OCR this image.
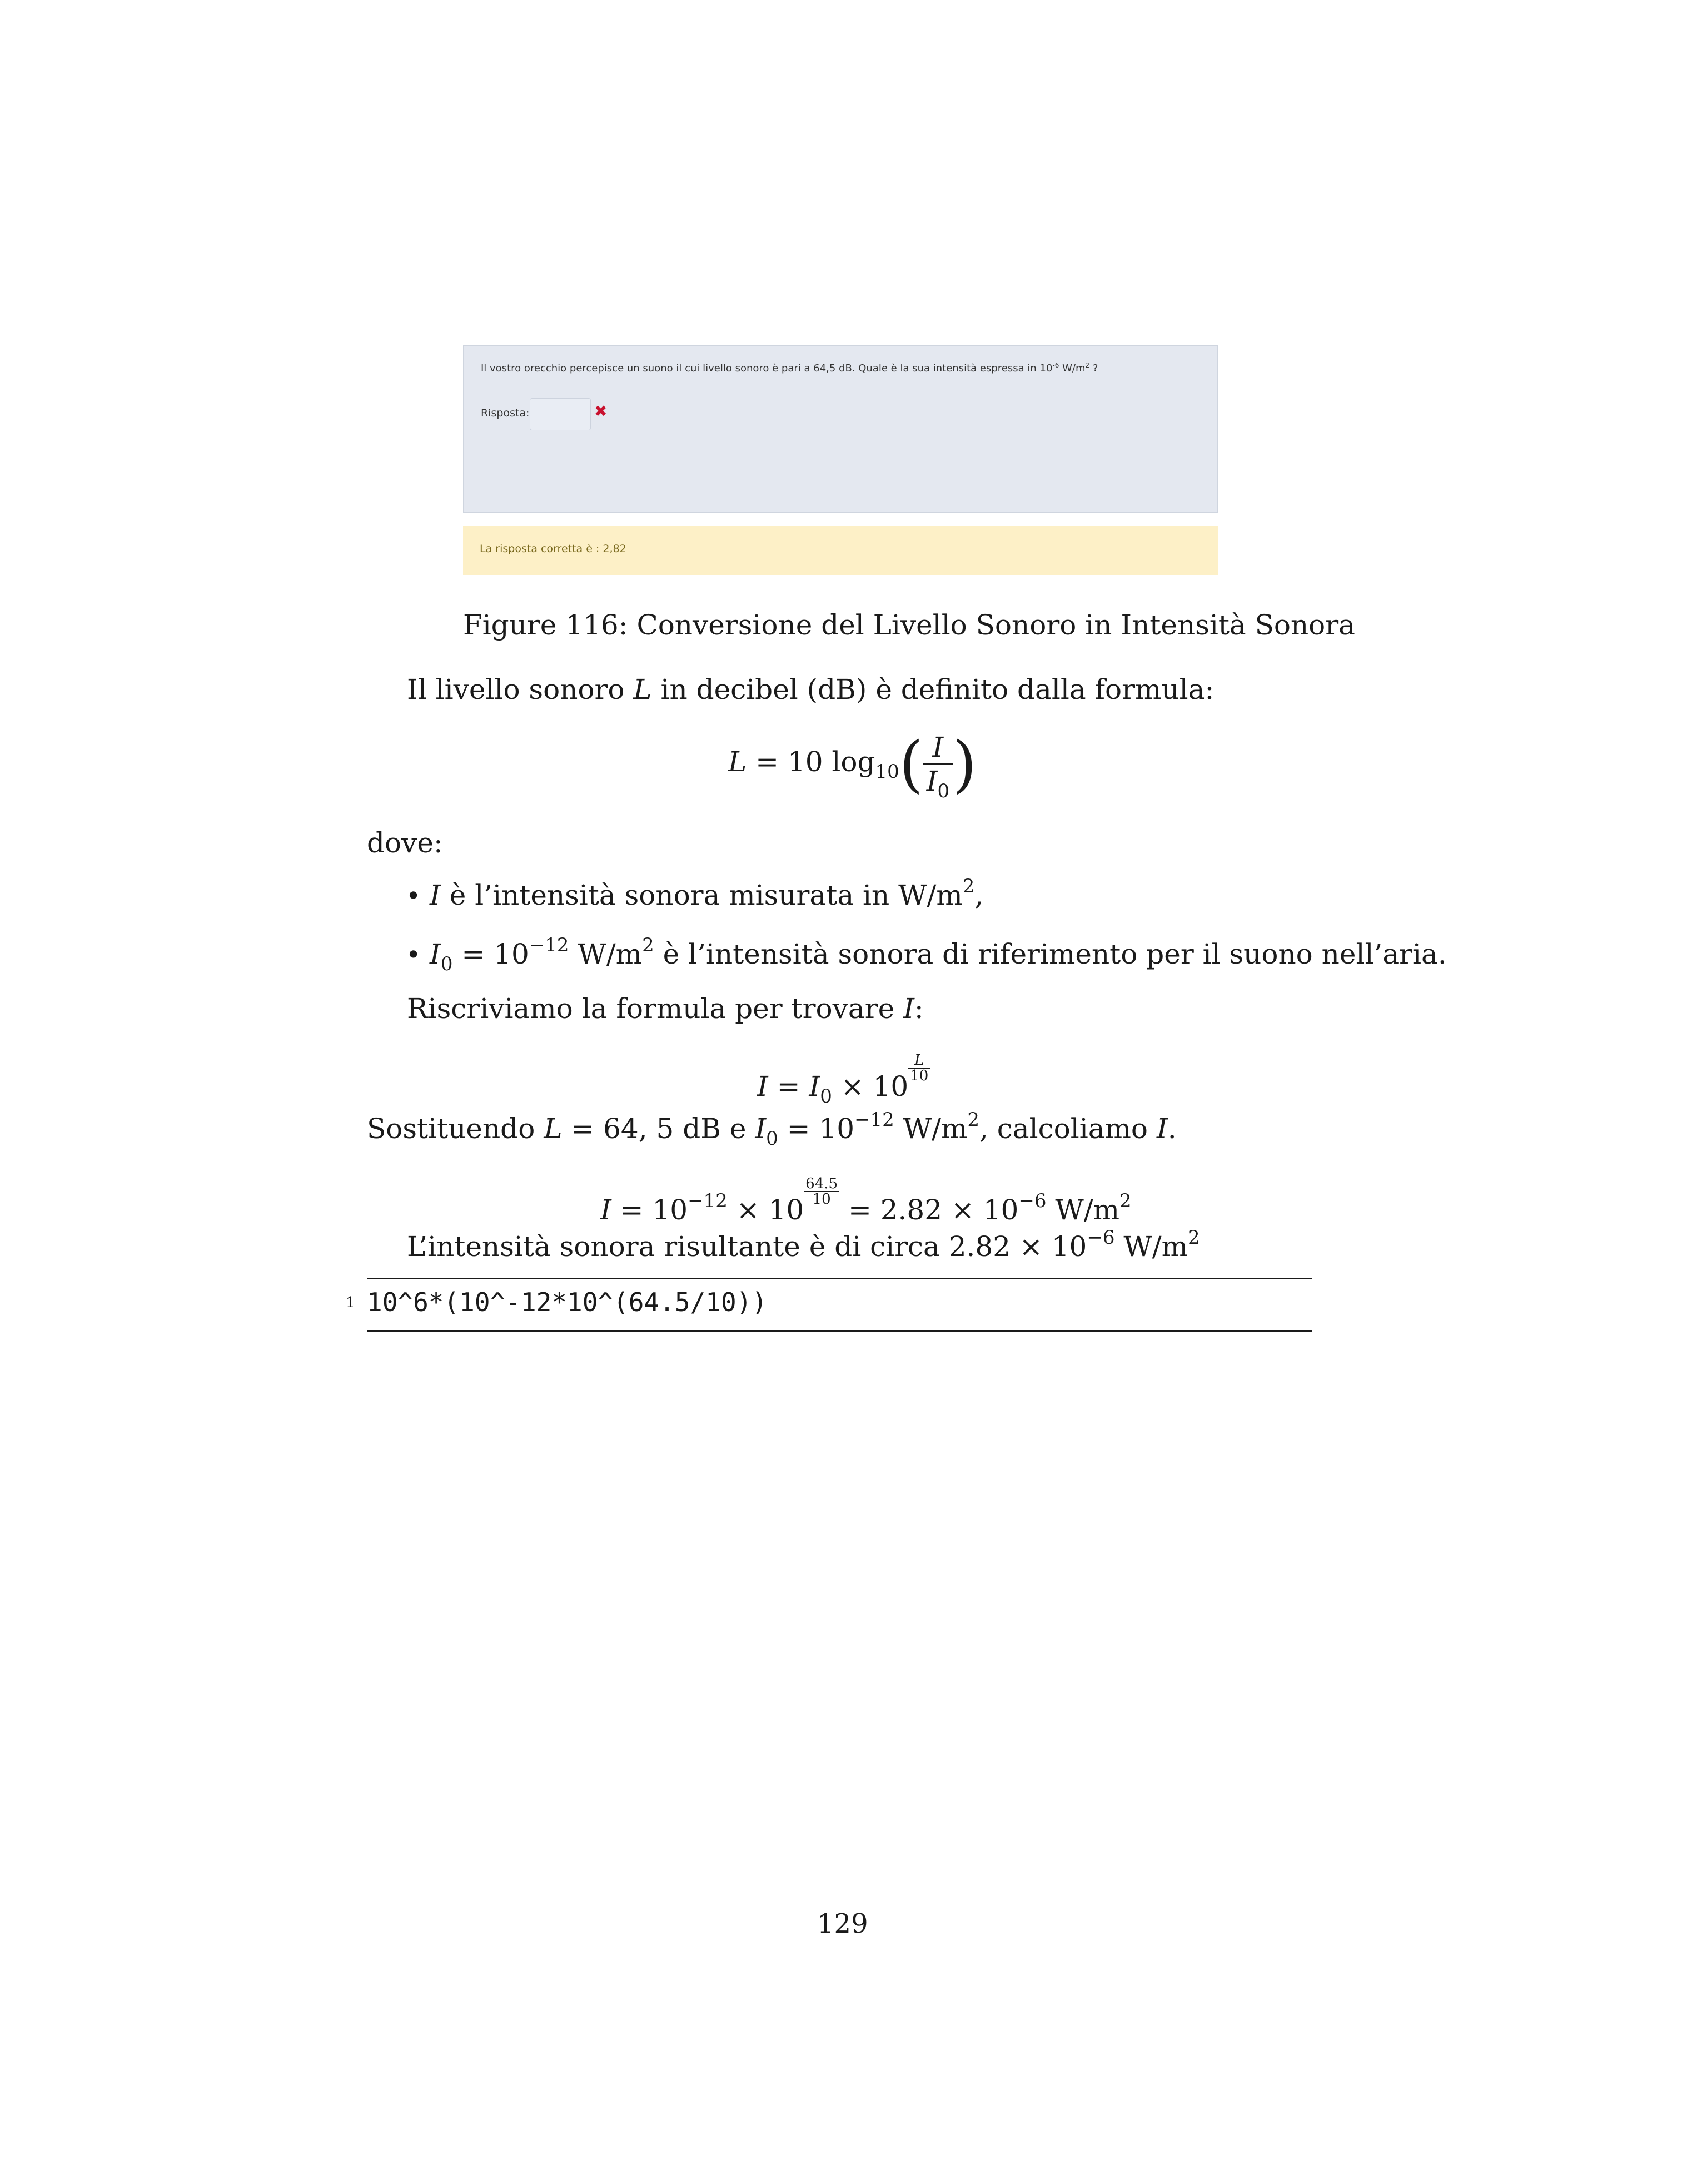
Il vostro orecchio percepisce un suono il cui livello sonoro è pari a 64,5 dB. Quale è la sua intensità espressa in $10^{-6}$ $W/m^2$ ?
Risposta:	✖
La risposta corretta è : 2,82
Figure 116: Conversione del Livello Sonoro in Intensità Sonora
Il livello sonoro L in decibel (dB) è definito dalla formula:
L = 10 $\log_{10}( \frac{I}{I_0}$ )
dove:
• I è l’intensità sonora misurata in $W/m^2$,
• $I_0 = 10^{-12}$ $W/m^2$ è l’intensità sonora di riferimento per il suono nell’aria.
Riscriviamo la formula per trovare I:
$I = I_0 \times 10$
$\frac{L}{10}$
Sostituendo L = 64, 5 dB e $I_0 = 10^{-12}$ $W/m^2$, calcoliamo I.
$I = 10^{-12} \times 10$
$\frac{64.5}{10}$
= $2.82 \times 10^{-6}$ $W/m^2$
L’intensità sonora risultante è di circa $2.82 \times 10^{-6}$ $W/m^2$
1 10^6*(10^-12*10^(64.5/10))
129
